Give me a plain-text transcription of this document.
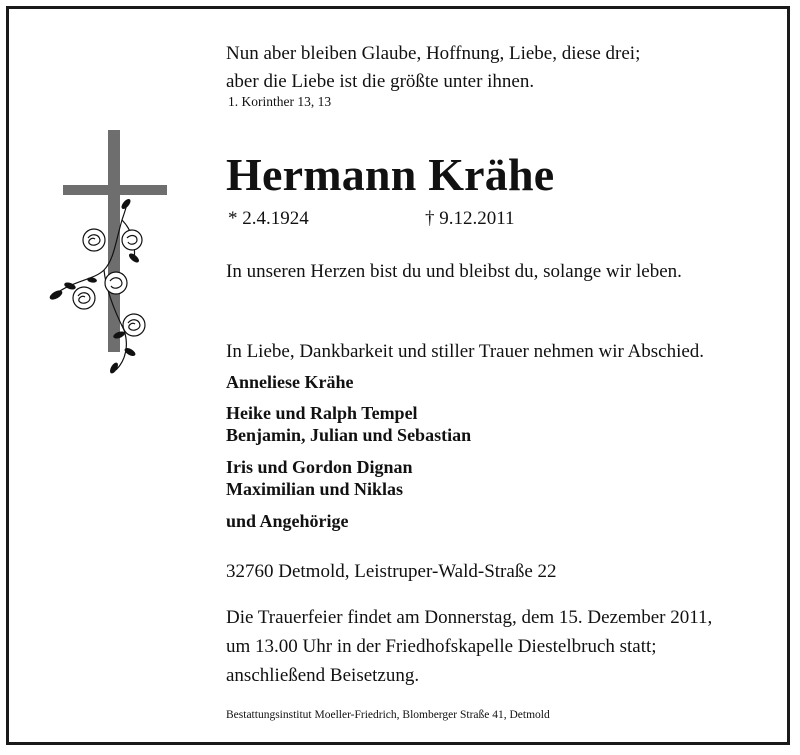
Nun aber bleiben Glaube, Hoffnung, Liebe, diese drei;
aber die Liebe ist die größte unter ihnen.
1. Korinther 13, 13
Hermann Krähe
* 2.4.1924	† 9.12.2011
In unseren Herzen bist du und bleibst du, solange wir leben.
In Liebe, Dankbarkeit und stiller Trauer nehmen wir Abschied.
Anneliese Krähe
Heike und Ralph Tempel
Benjamin, Julian und Sebastian
Iris und Gordon Dignan
Maximilian und Niklas
und Angehörige
32760 Detmold, Leistruper-Wald-Straße 22
Die Trauerfeier findet am Donnerstag, dem 15. Dezember 2011,
um 13.00 Uhr in der Friedhofskapelle Diestelbruch statt;
anschließend Beisetzung.
Bestattungsinstitut Moeller-Friedrich, Blomberger Straße 41, Detmold
